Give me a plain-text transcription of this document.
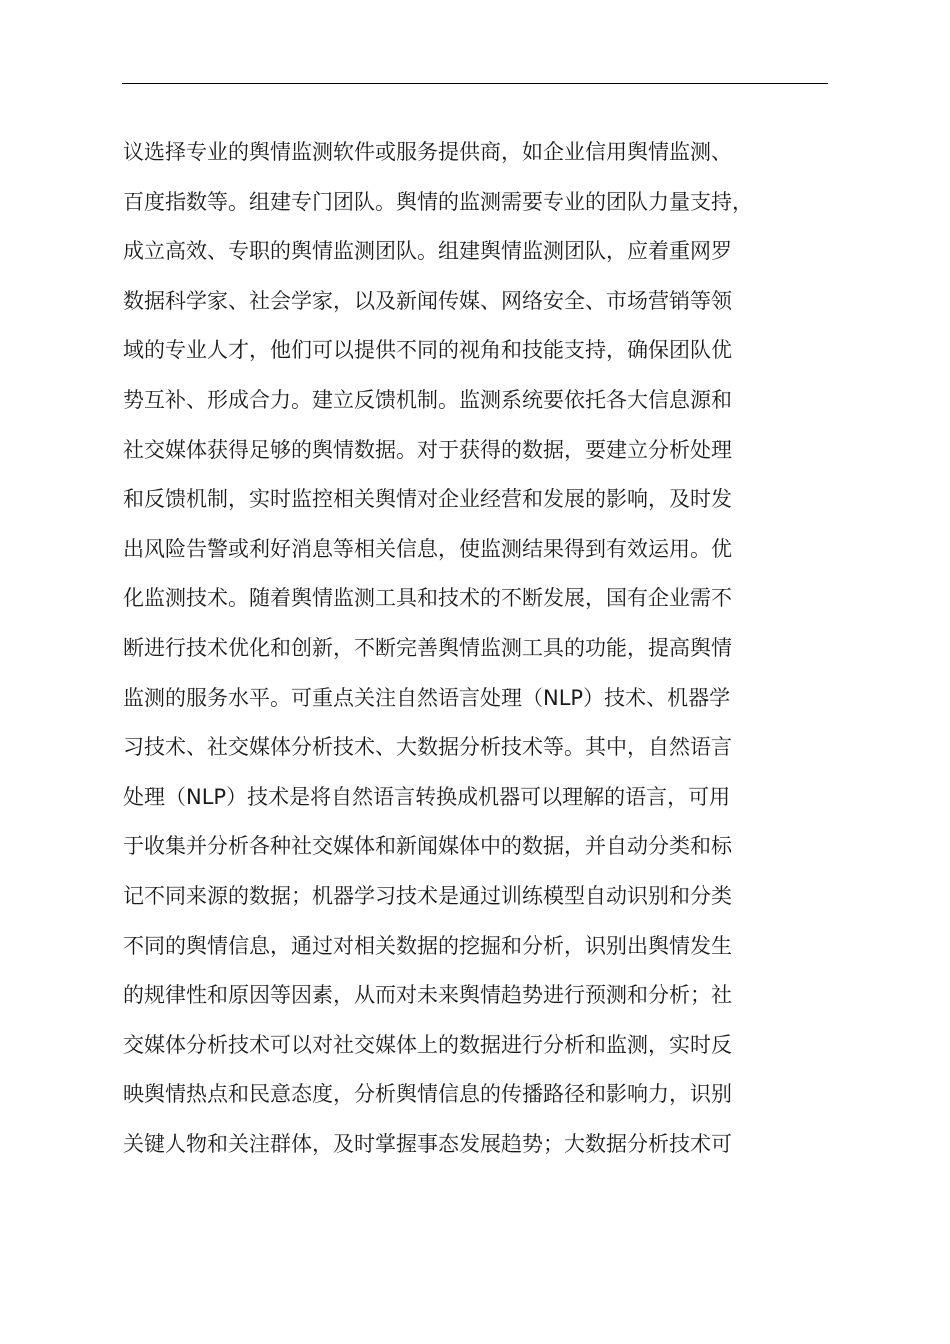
议选择专业的舆情监测软件或服务提供商，如企业信用舆情监测、
百度指数等。组建专门团队。舆情的监测需要专业的团队力量支持，
成立高效、专职的舆情监测团队。组建舆情监测团队，应着重网罗
数据科学家、社会学家，以及新闻传媒、网络安全、市场营销等领
域的专业人才，他们可以提供不同的视角和技能支持，确保团队优
势互补、形成合力。建立反馈机制。监测系统要依托各大信息源和
社交媒体获得足够的舆情数据。对于获得的数据，要建立分析处理
和反馈机制，实时监控相关舆情对企业经营和发展的影响，及时发
出风险告警或利好消息等相关信息，使监测结果得到有效运用。优
化监测技术。随着舆情监测工具和技术的不断发展，国有企业需不
断进行技术优化和创新，不断完善舆情监测工具的功能，提高舆情
监测的服务水平。可重点关注自然语言处理（NLP）技术、机器学
习技术、社交媒体分析技术、大数据分析技术等。其中，自然语言
处理（NLP）技术是将自然语言转换成机器可以理解的语言，可用
于收集并分析各种社交媒体和新闻媒体中的数据，并自动分类和标
记不同来源的数据；机器学习技术是通过训练模型自动识别和分类
不同的舆情信息，通过对相关数据的挖掘和分析，识别出舆情发生
的规律性和原因等因素，从而对未来舆情趋势进行预测和分析；社
交媒体分析技术可以对社交媒体上的数据进行分析和监测，实时反
映舆情热点和民意态度，分析舆情信息的传播路径和影响力，识别
关键人物和关注群体，及时掌握事态发展趋势；大数据分析技术可
